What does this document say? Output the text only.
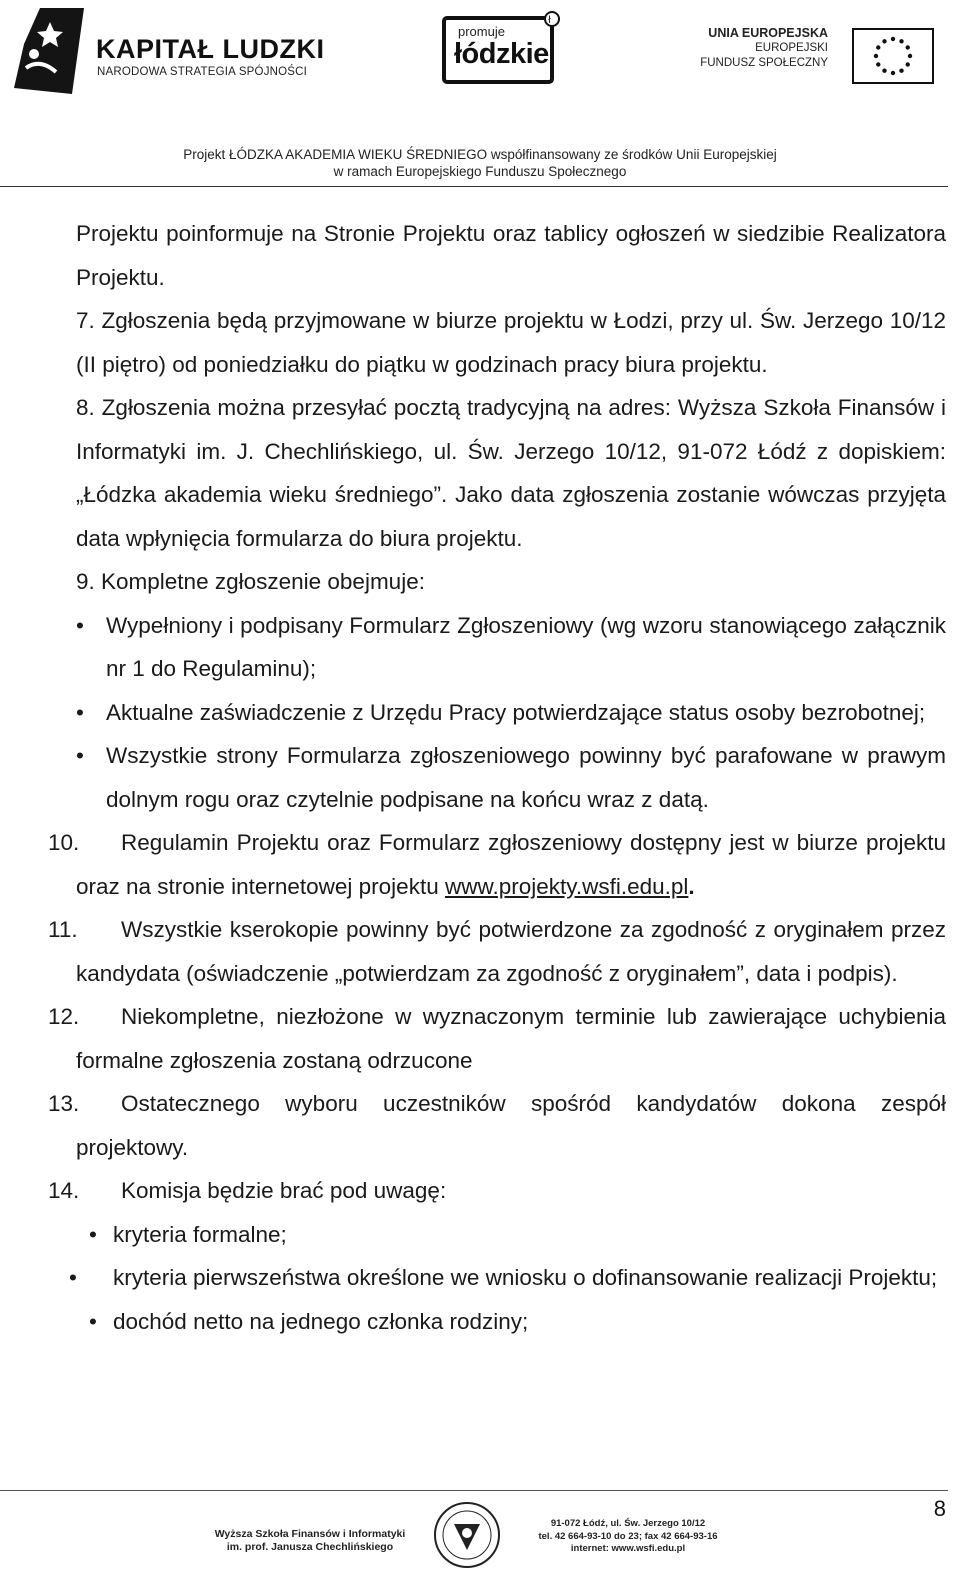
KAPITAŁ LUDZKI
NARODOWA STRATEGIA SPÓJNOŚCI
ł
promuje
łódzkie
UNIA EUROPEJSKA
EUROPEJSKI
FUNDUSZ SPOŁECZNY
Projekt ŁÓDZKA AKADEMIA WIEKU ŚREDNIEGO współfinansowany ze środków Unii Europejskiej
w ramach Europejskiego Funduszu Społecznego

Projektu poinformuje na Stronie Projektu oraz tablicy ogłoszeń w siedzibie Realizatora Projektu.

7. Zgłoszenia będą przyjmowane w biurze projektu w Łodzi, przy ul. Św. Jerzego 10/12 (II piętro) od poniedziałku do piątku w godzinach pracy biura projektu.

8. Zgłoszenia można przesyłać pocztą tradycyjną na adres: Wyższa Szkoła Finansów i Informatyki im. J. Chechlińskiego, ul. Św. Jerzego 10/12, 91-072 Łódź z dopiskiem: „Łódzka akademia wieku średniego”. Jako data zgłoszenia zostanie wówczas przyjęta data wpłynięcia formularza do biura projektu.

9. Kompletne zgłoszenie obejmuje:

• Wypełniony i podpisany Formularz Zgłoszeniowy (wg wzoru stanowiącego załącznik nr 1 do Regulaminu);

• Aktualne zaświadczenie z Urzędu Pracy potwierdzające status osoby bezrobotnej;

• Wszystkie strony Formularza zgłoszeniowego powinny być parafowane w prawym dolnym rogu oraz czytelnie podpisane na końcu wraz z datą.

10. Regulamin Projektu oraz Formularz zgłoszeniowy dostępny jest w biurze projektu oraz na stronie internetowej projektu www.projekty.wsfi.edu.pl.

11. Wszystkie kserokopie powinny być potwierdzone za zgodność z oryginałem przez kandydata (oświadczenie „potwierdzam za zgodność z oryginałem”, data i podpis).

12. Niekompletne, niezłożone w wyznaczonym terminie lub zawierające uchybienia formalne zgłoszenia zostaną odrzucone

13. Ostatecznego wyboru uczestników spośród kandydatów dokona zespół projektowy.

14. Komisja będzie brać pod uwagę:

• kryteria formalne;

• kryteria pierwszeństwa określone we wniosku o dofinansowanie realizacji Projektu;

• dochód netto na jednego członka rodziny;

8
Wyższa Szkoła Finansów i Informatyki
im. prof. Janusza Chechlińskiego
91-072 Łódź, ul. Św. Jerzego 10/12
tel. 42 664-93-10 do 23; fax 42 664-93-16
internet: www.wsfi.edu.pl
